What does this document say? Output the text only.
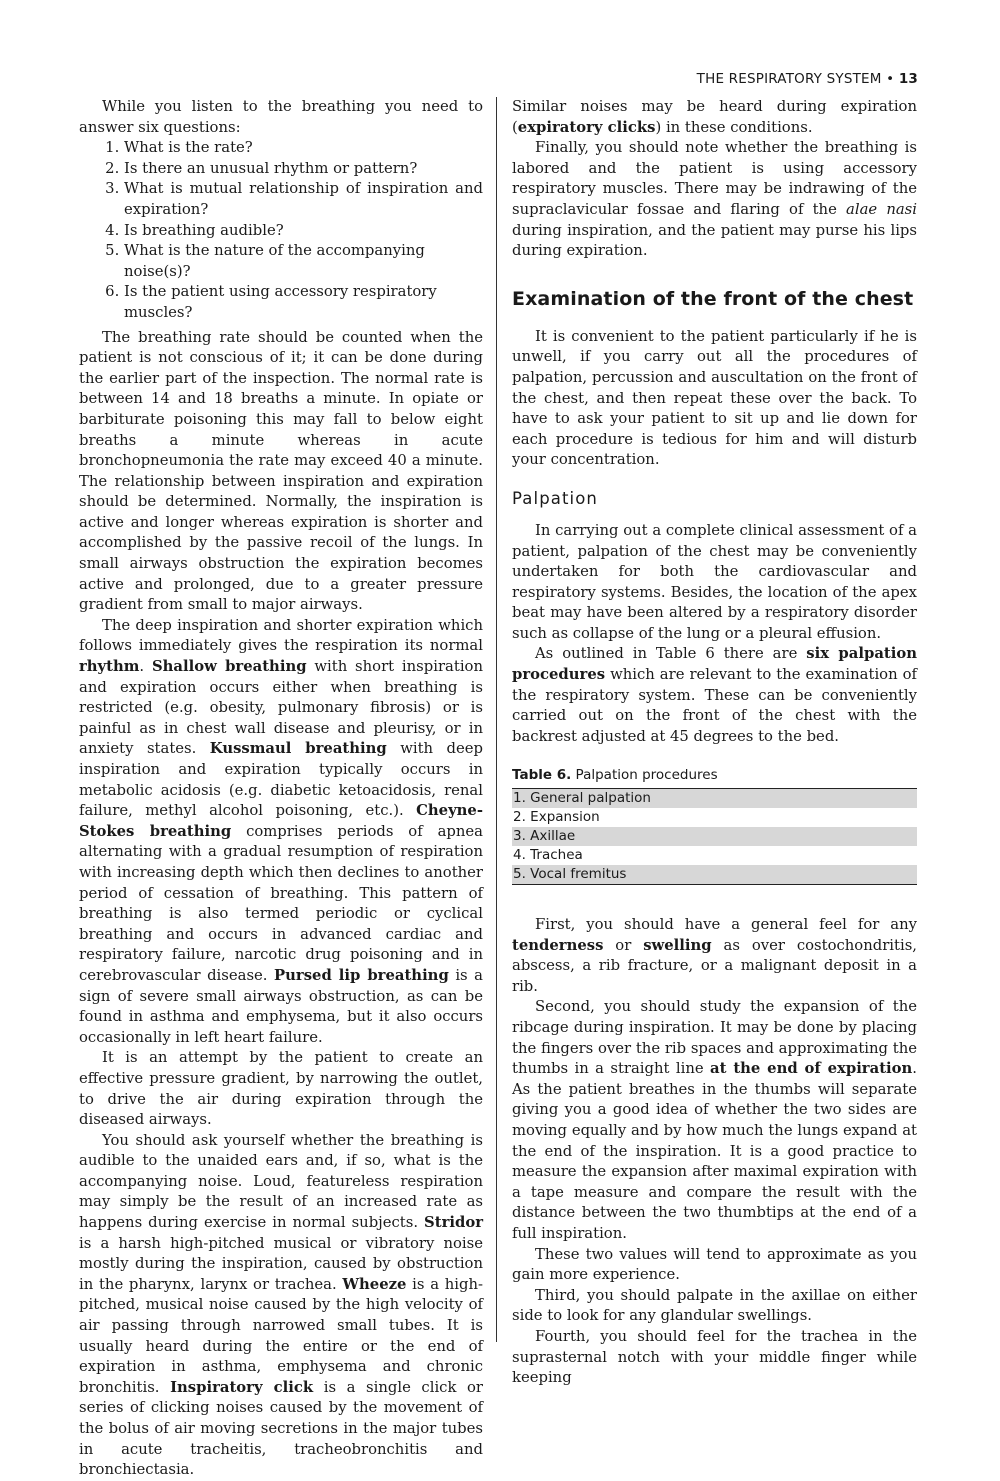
THE RESPIRATORY SYSTEM • 13

While you listen to the breathing you need to answer six questions:

1. What is the rate?
2. Is there an unusual rhythm or pattern?
3. What is mutual relationship of inspiration and expiration?
4. Is breathing audible?
5. What is the nature of the accompanying noise(s)?
6. Is the patient using accessory respiratory muscles?

The breathing rate should be counted when the patient is not conscious of it; it can be done during the earlier part of the inspection. The normal rate is between 14 and 18 breaths a minute. In opiate or barbiturate poisoning this may fall to below eight breaths a minute whereas in acute bronchopneumonia the rate may exceed 40 a minute. The relationship between inspiration and expiration should be determined. Normally, the inspiration is active and longer whereas expiration is shorter and accomplished by the passive recoil of the lungs. In small airways obstruction the expiration becomes active and prolonged, due to a greater pressure gradient from small to major airways.

The deep inspiration and shorter expiration which follows immediately gives the respiration its normal rhythm. Shallow breathing with short inspiration and expiration occurs either when breathing is restricted (e.g. obesity, pulmonary fibrosis) or is painful as in chest wall disease and pleurisy, or in anxiety states. Kussmaul breathing with deep inspiration and expiration typically occurs in metabolic acidosis (e.g. diabetic ketoacidosis, renal failure, methyl alcohol poisoning, etc.). Cheyne-Stokes breathing comprises periods of apnea alternating with a gradual resumption of respiration with increasing depth which then declines to another period of cessation of breathing. This pattern of breathing is also termed periodic or cyclical breathing and occurs in advanced cardiac and respiratory failure, narcotic drug poisoning and in cerebrovascular disease. Pursed lip breathing is a sign of severe small airways obstruction, as can be found in asthma and emphysema, but it also occurs occasionally in left heart failure.

It is an attempt by the patient to create an effective pressure gradient, by narrowing the outlet, to drive the air during expiration through the diseased airways.

You should ask yourself whether the breathing is audible to the unaided ears and, if so, what is the accompanying noise. Loud, featureless respiration may simply be the result of an increased rate as happens during exercise in normal subjects. Stridor is a harsh high-pitched musical or vibratory noise mostly during the inspiration, caused by obstruction in the pharynx, larynx or trachea. Wheeze is a high-pitched, musical noise caused by the high velocity of air passing through narrowed small tubes. It is usually heard during the entire or the end of expiration in asthma, emphysema and chronic bronchitis. Inspiratory click is a single click or series of clicking noises caused by the movement of the bolus of air moving secretions in the major tubes in acute tracheitis, tracheobronchitis and bronchiectasia.

Similar noises may be heard during expiration (expiratory clicks) in these conditions.

Finally, you should note whether the breathing is labored and the patient is using accessory respiratory muscles. There may be indrawing of the supraclavicular fossae and flaring of the alae nasi during inspiration, and the patient may purse his lips during expiration.

Examination of the front of the chest

It is convenient to the patient particularly if he is unwell, if you carry out all the procedures of palpation, percussion and auscultation on the front of the chest, and then repeat these over the back. To have to ask your patient to sit up and lie down for each procedure is tedious for him and will disturb your concentration.

Palpation

In carrying out a complete clinical assessment of a patient, palpation of the chest may be conveniently undertaken for both the cardiovascular and respiratory systems. Besides, the location of the apex beat may have been altered by a respiratory disorder such as collapse of the lung or a pleural effusion.

As outlined in Table 6 there are six palpation procedures which are relevant to the examination of the respiratory system. These can be conveniently carried out on the front of the chest with the backrest adjusted at 45 degrees to the bed.

Table 6. Palpation procedures
1. General palpation
2. Expansion
3. Axillae
4. Trachea
5. Vocal fremitus

First, you should have a general feel for any tenderness or swelling as over costochondritis, abscess, a rib fracture, or a malignant deposit in a rib.

Second, you should study the expansion of the ribcage during inspiration. It may be done by placing the fingers over the rib spaces and approximating the thumbs in a straight line at the end of expiration. As the patient breathes in the thumbs will separate giving you a good idea of whether the two sides are moving equally and by how much the lungs expand at the end of the inspiration. It is a good practice to measure the expansion after maximal expiration with a tape measure and compare the result with the distance between the two thumbtips at the end of a full inspiration.

These two values will tend to approximate as you gain more experience.

Third, you should palpate in the axillae on either side to look for any glandular swellings.

Fourth, you should feel for the trachea in the suprasternal notch with your middle finger while keeping
